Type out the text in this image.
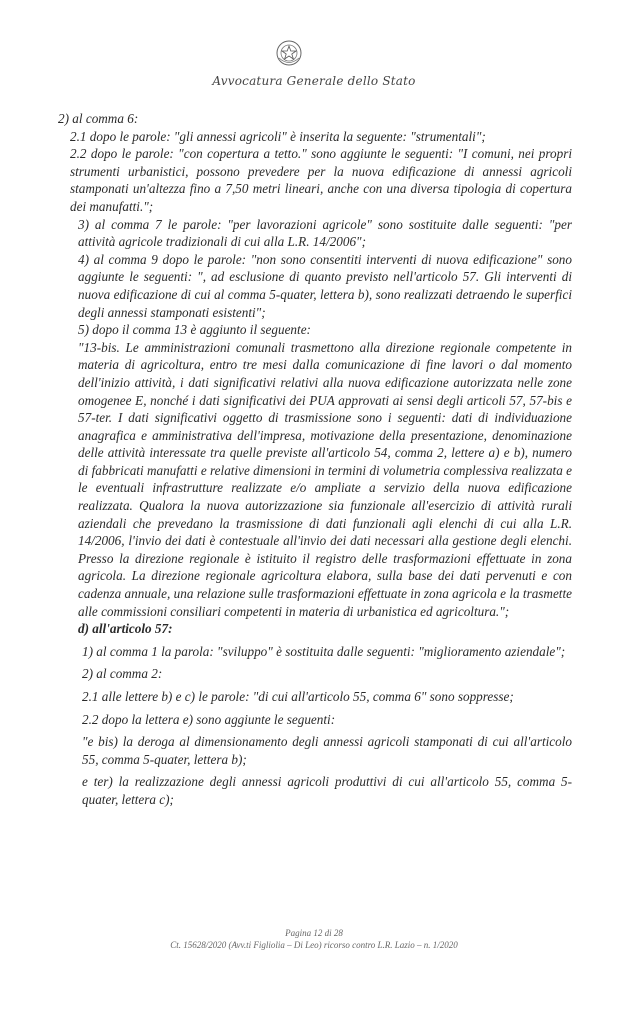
Avvocatura Generale dello Stato

2) al comma 6:

2.1 dopo le parole: "gli annessi agricoli" è inserita la seguente: "strumentali";

2.2 dopo le parole: "con copertura a tetto." sono aggiunte le seguenti: "I comuni, nei propri strumenti urbanistici, possono prevedere per la nuova edificazione di annessi agricoli stamponati un'altezza fino a 7,50 metri lineari, anche con una diversa tipologia di copertura dei manufatti.";

3) al comma 7 le parole: "per lavorazioni agricole" sono sostituite dalle seguenti: "per attività agricole tradizionali di cui alla L.R. 14/2006";

4) al comma 9 dopo le parole: "non sono consentiti interventi di nuova edificazione" sono aggiunte le seguenti: ", ad esclusione di quanto previsto nell'articolo 57. Gli interventi di nuova edificazione di cui al comma 5-quater, lettera b), sono realizzati detraendo le superfici degli annessi stamponati esistenti";

5) dopo il comma 13 è aggiunto il seguente:

"13-bis. Le amministrazioni comunali trasmettono alla direzione regionale competente in materia di agricoltura, entro tre mesi dalla comunicazione di fine lavori o dal momento dell'inizio attività, i dati significativi relativi alla nuova edificazione autorizzata nelle zone omogenee E, nonché i dati significativi dei PUA approvati ai sensi degli articoli 57, 57-bis e 57-ter. I dati significativi oggetto di trasmissione sono i seguenti: dati di individuazione anagrafica e amministrativa dell'impresa, motivazione della presentazione, denominazione delle attività interessate tra quelle previste all'articolo 54, comma 2, lettere a) e b), numero di fabbricati manufatti e relative dimensioni in termini di volumetria complessiva realizzata e le eventuali infrastrutture realizzate e/o ampliate a servizio della nuova edificazione realizzata. Qualora la nuova autorizzazione sia funzionale all'esercizio di attività rurali aziendali che prevedano la trasmissione di dati funzionali agli elenchi di cui alla L.R. 14/2006, l'invio dei dati è contestuale all'invio dei dati necessari alla gestione degli elenchi. Presso la direzione regionale è istituito il registro delle trasformazioni effettuate in zona agricola. La direzione regionale agricoltura elabora, sulla base dei dati pervenuti e con cadenza annuale, una relazione sulle trasformazioni effettuate in zona agricola e la trasmette alle commissioni consiliari competenti in materia di urbanistica ed agricoltura.";

d) all'articolo 57:

1) al comma 1 la parola: "sviluppo" è sostituita dalle seguenti: "miglioramento aziendale";

2) al comma 2:

2.1 alle lettere b) e c) le parole: "di cui all'articolo 55, comma 6" sono soppresse;

2.2 dopo la lettera e) sono aggiunte le seguenti:

"e bis) la deroga al dimensionamento degli annessi agricoli stamponati di cui all'articolo 55, comma 5-quater, lettera b);

e ter) la realizzazione degli annessi agricoli produttivi di cui all'articolo 55, comma 5-quater, lettera c);

Pagina 12 di 28
Ct. 15628/2020 (Avv.ti Figliolia – Di Leo) ricorso contro L.R. Lazio – n. 1/2020
